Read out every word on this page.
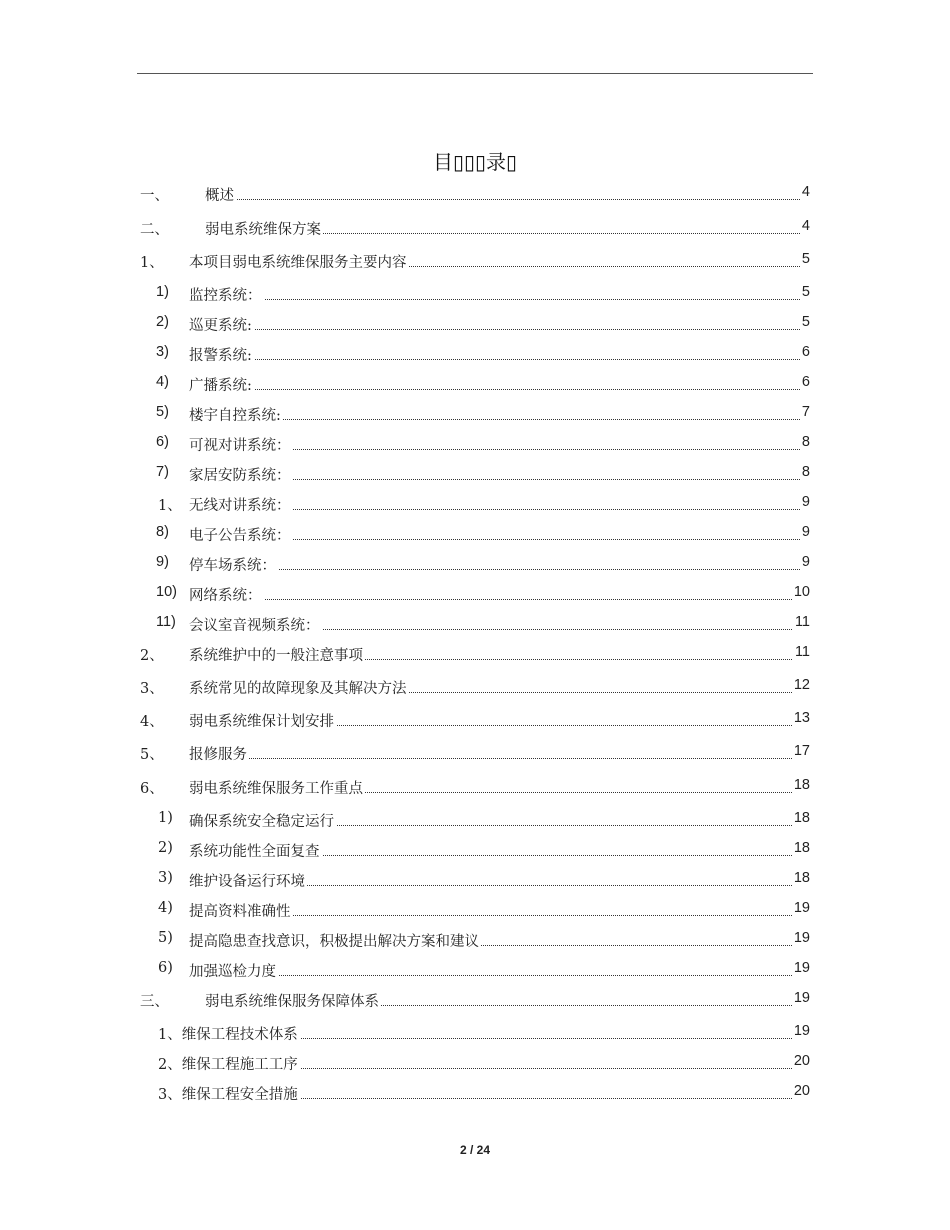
目▯▯▯录▯
一、 概述	4
二、 弱电系统维保方案	4
1、 本项目弱电系统维保服务主要内容	5
1) 监控系统：	5
2) 巡更系统:	5
3) 报警系统:	6
4) 广播系统:	6
5) 楼宇自控系统:	7
6) 可视对讲系统：	8
7) 家居安防系统：	8
1、 无线对讲系统：	9
8) 电子公告系统：	9
9) 停车场系统：	9
10) 网络系统：	10
11) 会议室音视频系统：	11
2、 系统维护中的一般注意事项	11
3、 系统常见的故障现象及其解决方法	12
4、 弱电系统维保计划安排	13
5、 报修服务	17
6、 弱电系统维保服务工作重点	18
1) 确保系统安全稳定运行	18
2) 系统功能性全面复查	18
3) 维护设备运行环境	18
4) 提高资料准确性	19
5) 提高隐患查找意识，积极提出解决方案和建议	19
6) 加强巡检力度	19
三、 弱电系统维保服务保障体系	19
1、维保工程技术体系	19
2、维保工程施工工序	20
3、维保工程安全措施	20
2 / 24
